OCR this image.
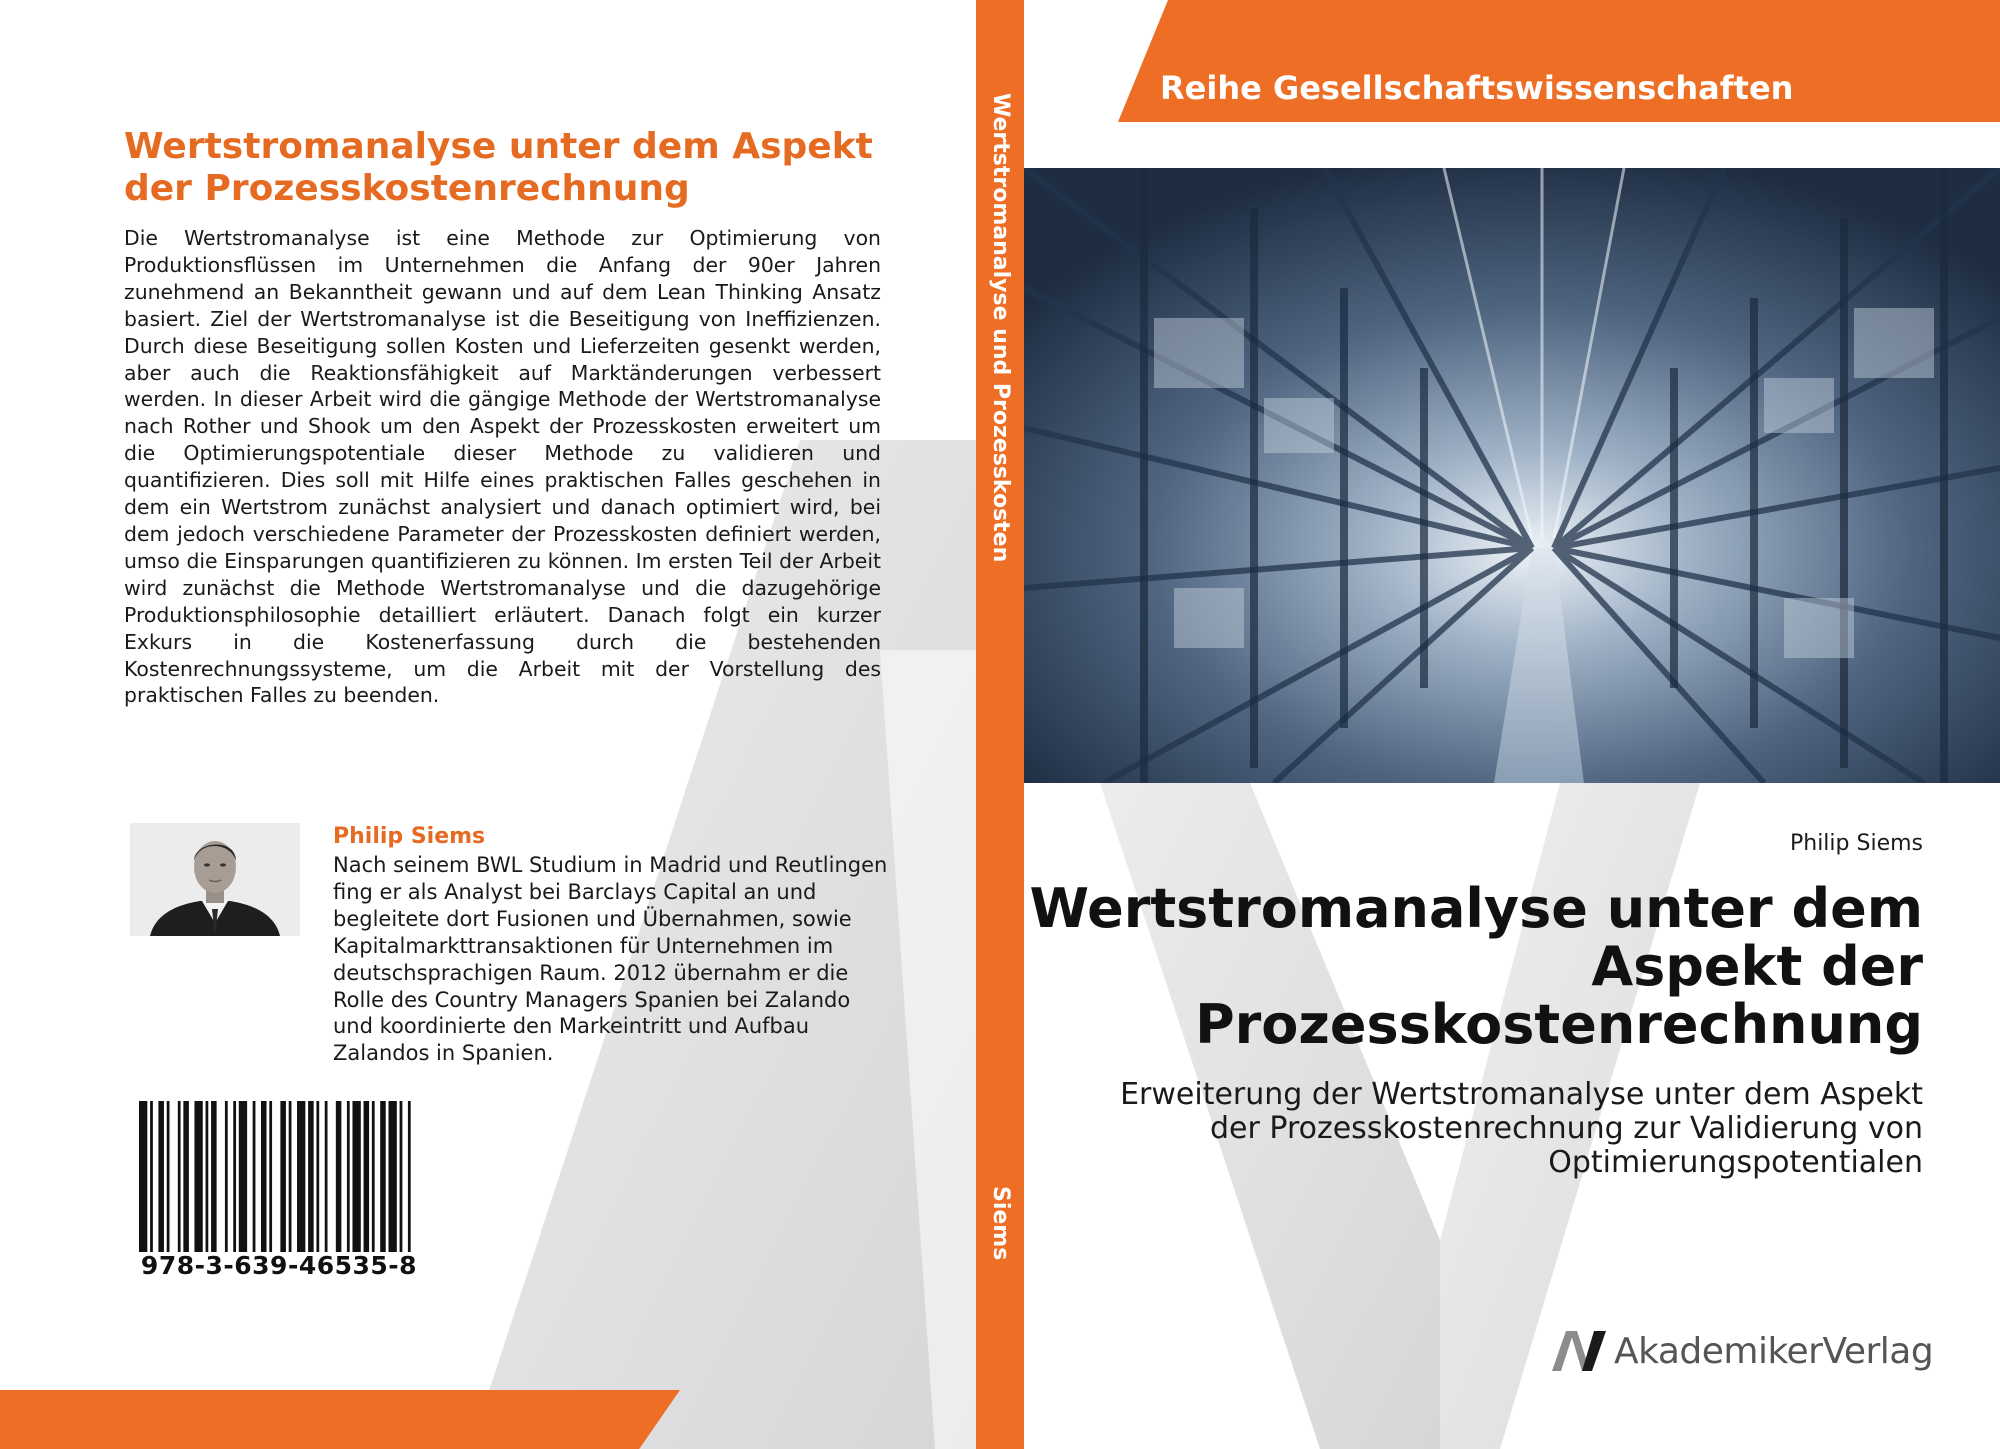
Wertstromanalyse unter dem Aspekt der Prozesskostenrechnung

Die Wertstromanalyse ist eine Methode zur Optimierung von Produktionsflüssen im Unternehmen die Anfang der 90er Jahren zunehmend an Bekanntheit gewann und auf dem Lean Thinking Ansatz basiert. Ziel der Wertstromanalyse ist die Beseitigung von Ineffizienzen. Durch diese Beseitigung sollen Kosten und Lieferzeiten gesenkt werden, aber auch die Reaktionsfähigkeit auf Marktänderungen verbessert werden. In dieser Arbeit wird die gängige Methode der Wertstromanalyse nach Rother und Shook um den Aspekt der Prozesskosten erweitert um die Optimierungspotentiale dieser Methode zu validieren und quantifizieren. Dies soll mit Hilfe eines praktischen Falles geschehen in dem ein Wertstrom zunächst analysiert und danach optimiert wird, bei dem jedoch verschiedene Parameter der Prozesskosten definiert werden, umso die Einsparungen quantifizieren zu können. Im ersten Teil der Arbeit wird zunächst die Methode Wertstromanalyse und die dazugehörige Produktionsphilosophie detailliert erläutert. Danach folgt ein kurzer Exkurs in die Kostenerfassung durch die bestehenden Kostenrechnungssysteme, um die Arbeit mit der Vorstellung des praktischen Falles zu beenden.

Philip Siems

Nach seinem BWL Studium in Madrid und Reutlingen fing er als Analyst bei Barclays Capital an und begleitete dort Fusionen und Übernahmen, sowie Kapitalmarkttransaktionen für Unternehmen im deutschsprachigen Raum. 2012 übernahm er die Rolle des Country Managers Spanien bei Zalando und koordinierte den Markeintritt und Aufbau Zalandos in Spanien.

978-3-639-46535-8
Wertstromanalyse und Prozesskosten
Siems
Reihe Gesellschaftswissenschaften
Philip Siems
Wertstromanalyse unter dem Aspekt der Prozesskostenrechnung

Erweiterung der Wertstromanalyse unter dem Aspekt der Prozesskostenrechnung zur Validierung von Optimierungspotentialen

AkademikerVerlag
